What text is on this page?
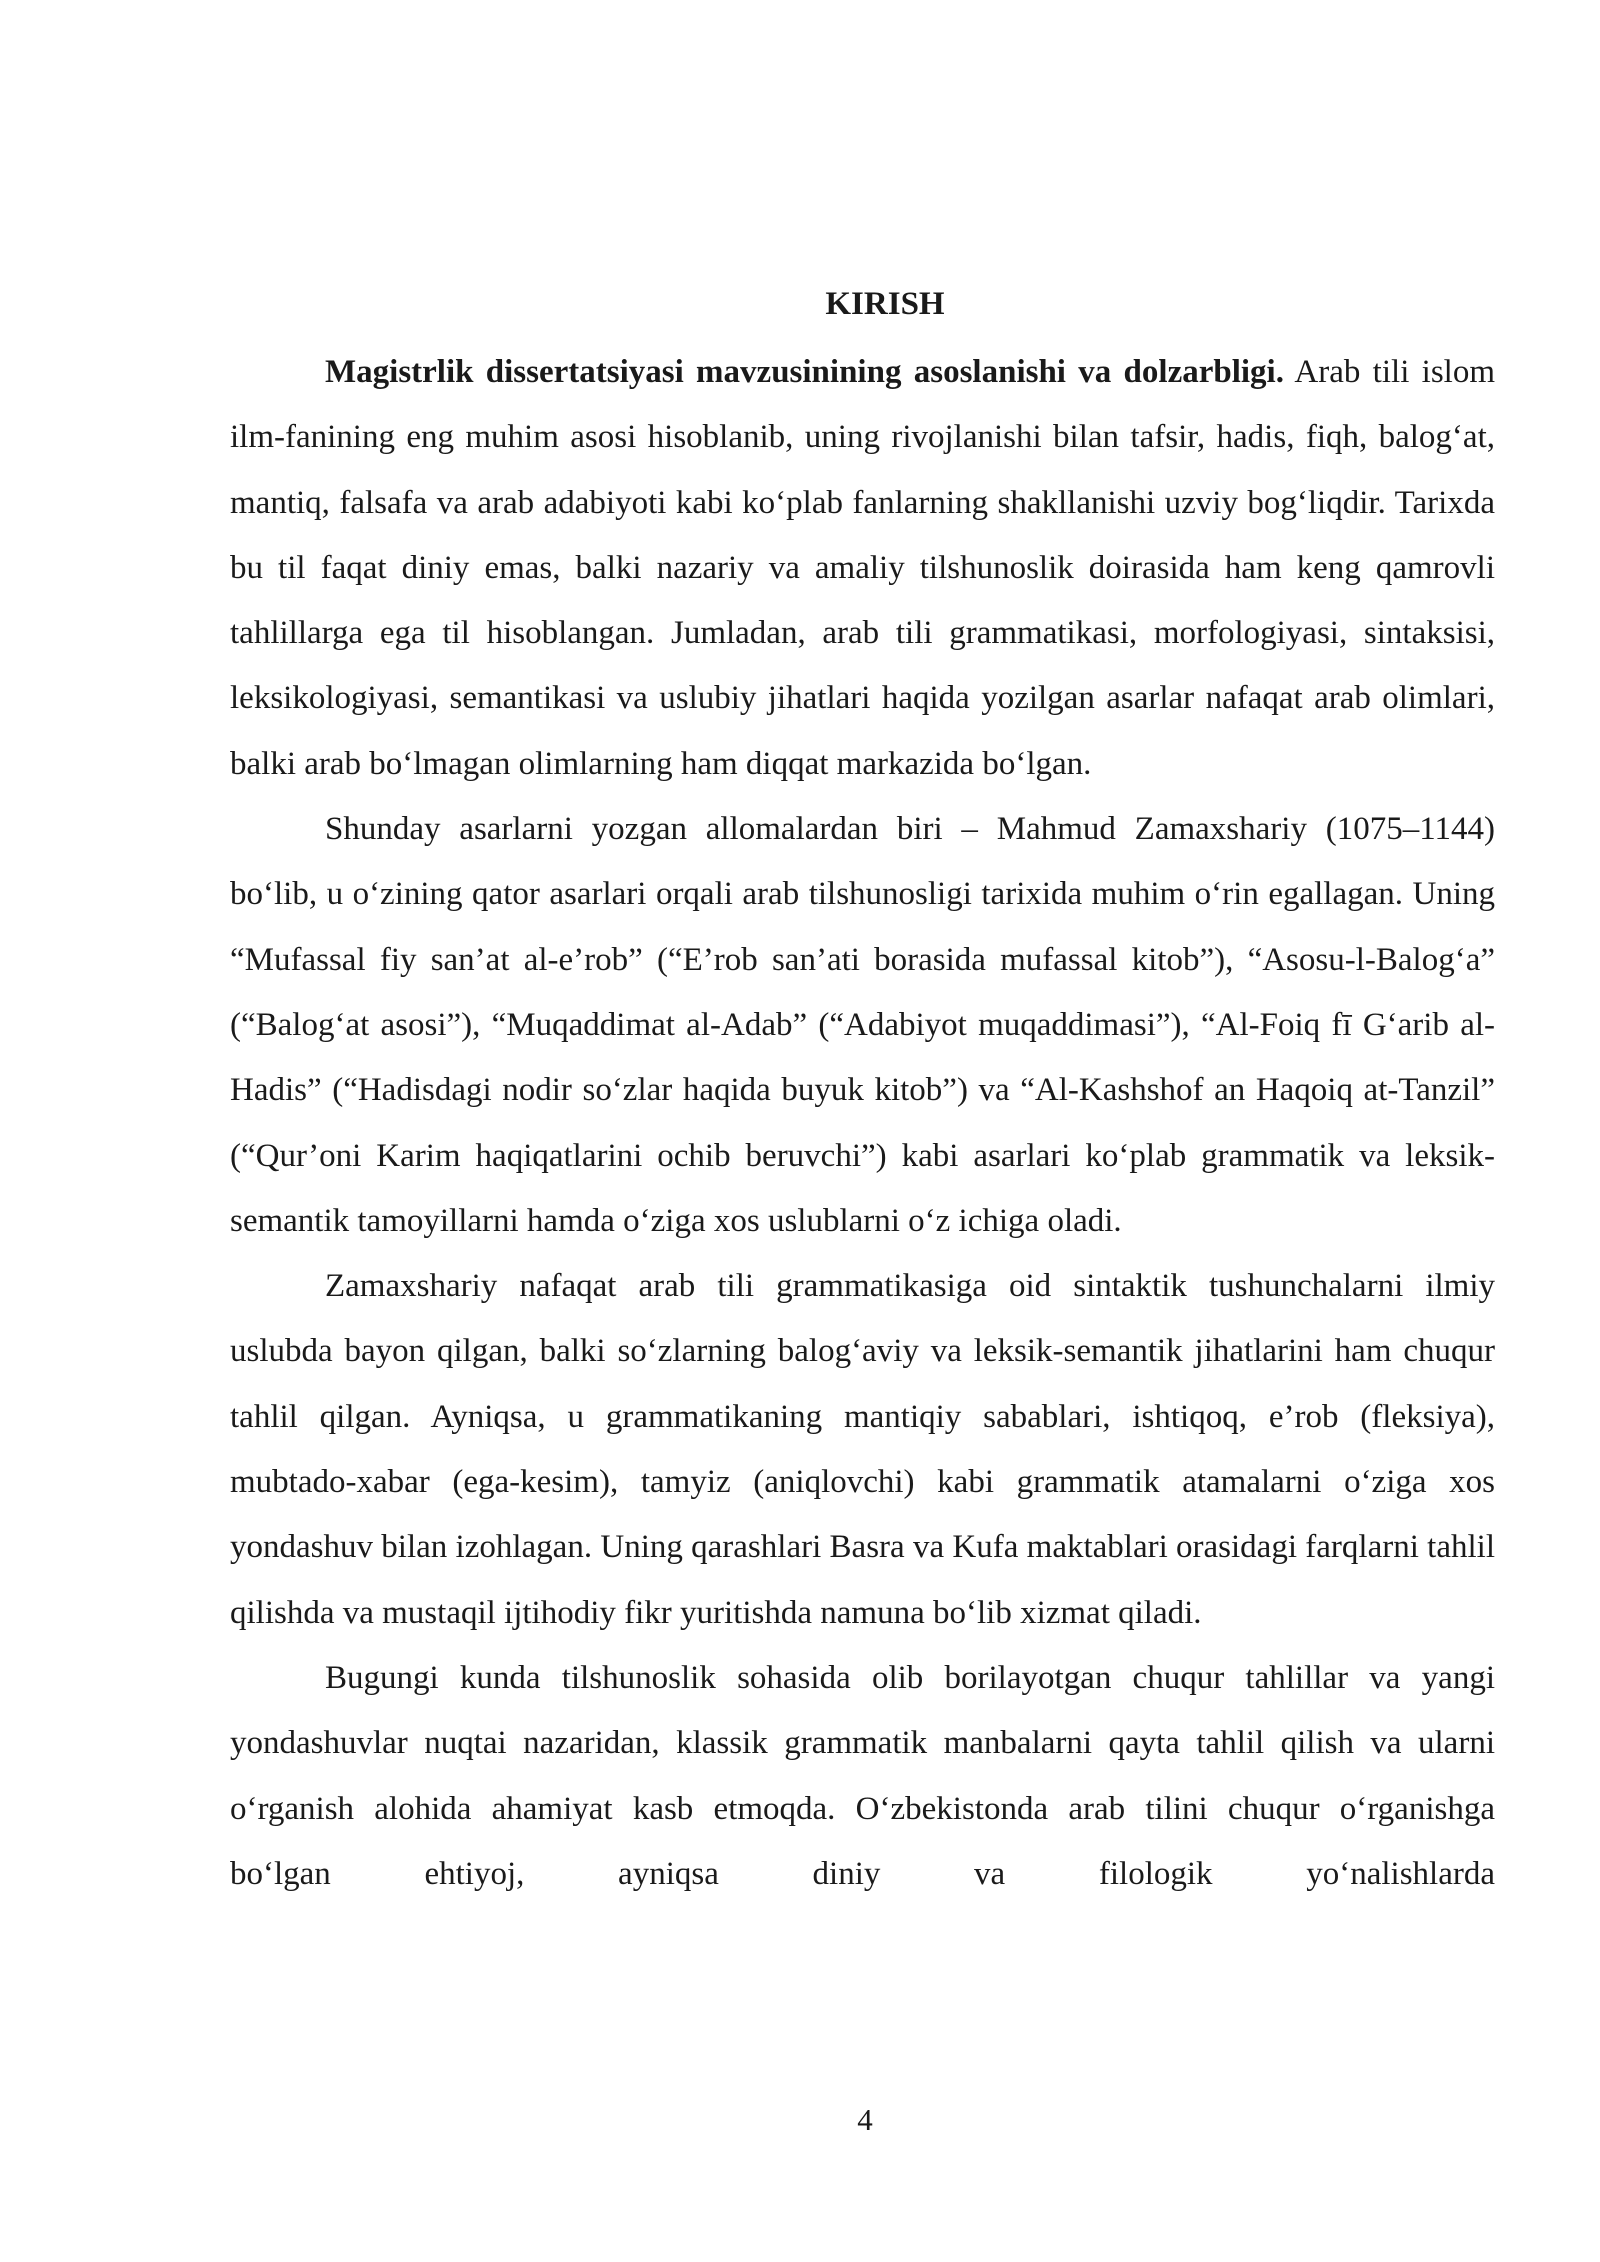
KIRISH

Magistrlik dissertatsiyasi mavzusinining asoslanishi va dolzarbligi. Arab tili islom ilm-fanining eng muhim asosi hisoblanib, uning rivojlanishi bilan tafsir, hadis, fiqh, balog‘at, mantiq, falsafa va arab adabiyoti kabi ko‘plab fanlarning shakllanishi uzviy bog‘liqdir. Tarixda bu til faqat diniy emas, balki nazariy va amaliy tilshunoslik doirasida ham keng qamrovli tahlillarga ega til hisoblangan. Jumladan, arab tili grammatikasi, morfologiyasi, sintaksisi, leksikologiyasi, semantikasi va uslubiy jihatlari haqida yozilgan asarlar nafaqat arab olimlari, balki arab bo‘lmagan olimlarning ham diqqat markazida bo‘lgan.

Shunday asarlarni yozgan allomalardan biri – Mahmud Zamaxshariy (1075–1144) bo‘lib, u o‘zining qator asarlari orqali arab tilshunosligi tarixida muhim o‘rin egallagan. Uning “Mufassal fiy san’at al-e’rob” (“E’rob san’ati borasida mufassal kitob”), “Asosu-l-Balog‘a” (“Balog‘at asosi”), “Muqaddimat al-Adab” (“Adabiyot muqaddimasi”), “Al-Foiq fī G‘arib al-Hadis” (“Hadisdagi nodir so‘zlar haqida buyuk kitob”) va “Al-Kashshof an Haqoiq at-Tanzil” (“Qur’oni Karim haqiqatlarini ochib beruvchi”) kabi asarlari ko‘plab grammatik va leksik-semantik tamoyillarni hamda o‘ziga xos uslublarni o‘z ichiga oladi.

Zamaxshariy nafaqat arab tili grammatikasiga oid sintaktik tushunchalarni ilmiy uslubda bayon qilgan, balki so‘zlarning balog‘aviy va leksik-semantik jihatlarini ham chuqur tahlil qilgan. Ayniqsa, u grammatikaning mantiqiy sabablari, ishtiqoq, e’rob (fleksiya), mubtado-xabar (ega-kesim), tamyiz (aniqlovchi) kabi grammatik atamalarni o‘ziga xos yondashuv bilan izohlagan. Uning qarashlari Basra va Kufa maktablari orasidagi farqlarni tahlil qilishda va mustaqil ijtihodiy fikr yuritishda namuna bo‘lib xizmat qiladi.

Bugungi kunda tilshunoslik sohasida olib borilayotgan chuqur tahlillar va yangi yondashuvlar nuqtai nazaridan, klassik grammatik manbalarni qayta tahlil qilish va ularni o‘rganish alohida ahamiyat kasb etmoqda. O‘zbekistonda arab tilini chuqur o‘rganishga bo‘lgan ehtiyoj, ayniqsa diniy va filologik yo‘nalishlarda

4
